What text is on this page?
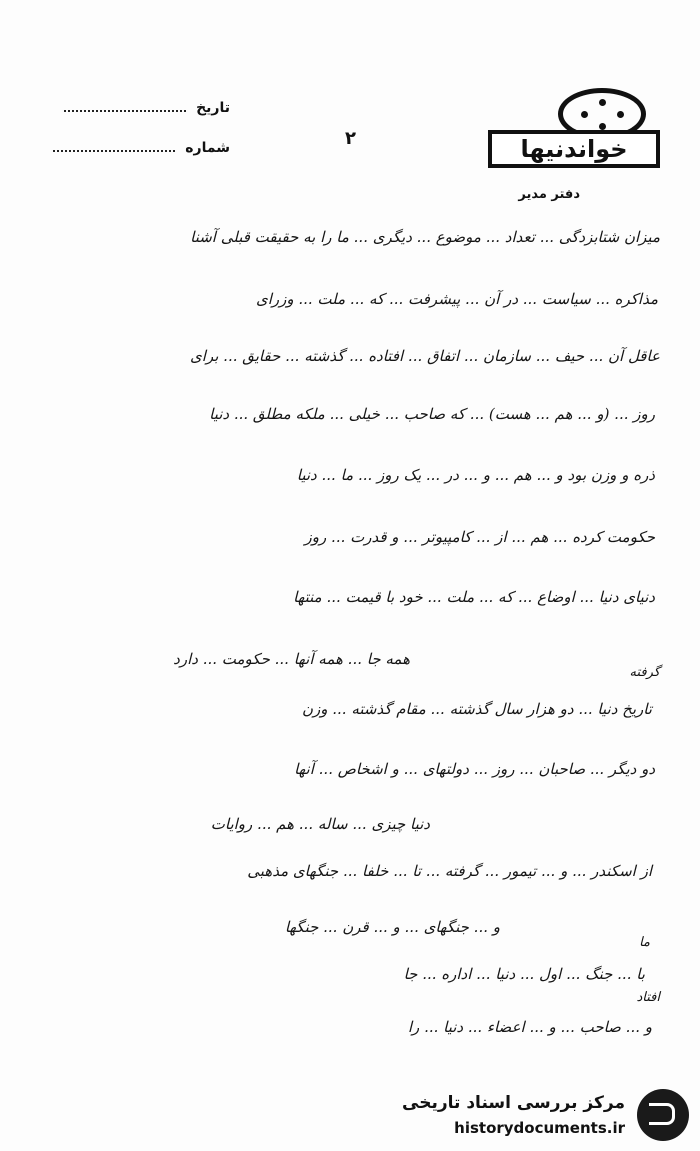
خواندنیها
دفتر مدیر
تاریخ
شماره	۲
میزان شتابزدگی ... تعداد ... موضوع ... دیگری ... ما را به حقیقت قبلی آشنا
مذاکره ... سیاست ... در آن ... پیشرفت ... که ... ملت ... وزرای
عاقل آن ... حیف ... سازمان ... اتفاق ... افتاده ... گذشته ... حقایق ... برای
روز ... (و ... هم ... هست) ... که صاحب ... خیلی ... ملکه مطلق ... دنیا
ذره و وزن بود و ... هم ... و ... در ... یک روز ... ما ... دنیا
حکومت کرده ... هم ... از ... کامپیوتر ... و قدرت ... روز
دنیای دنیا ... اوضاع ... که ... ملت ... خود با قیمت ... منتها
همه جا ... همه آنها ... حکومت ... دارد
تاریخ دنیا ... دو هزار سال گذشته ... مقام گذشته ... وزن
دو دیگر ... صاحبان ... روز ... دولتهای ... و اشخاص ... آنها
دنیا چیزی ... ساله ... هم ... روایات
از اسکندر ... و ... تیمور ... گرفته ... تا ... خلفا ... جنگهای مذهبی
و ... جنگهای ... و ... قرن ... جنگها
با ... جنگ ... اول ... دنیا ... اداره ... جا
و ... صاحب ... و ... اعضاء ... دنیا ... را
گرفته
ما
افتاد
مرکز بررسی اسناد تاریخی
historydocuments.ir
